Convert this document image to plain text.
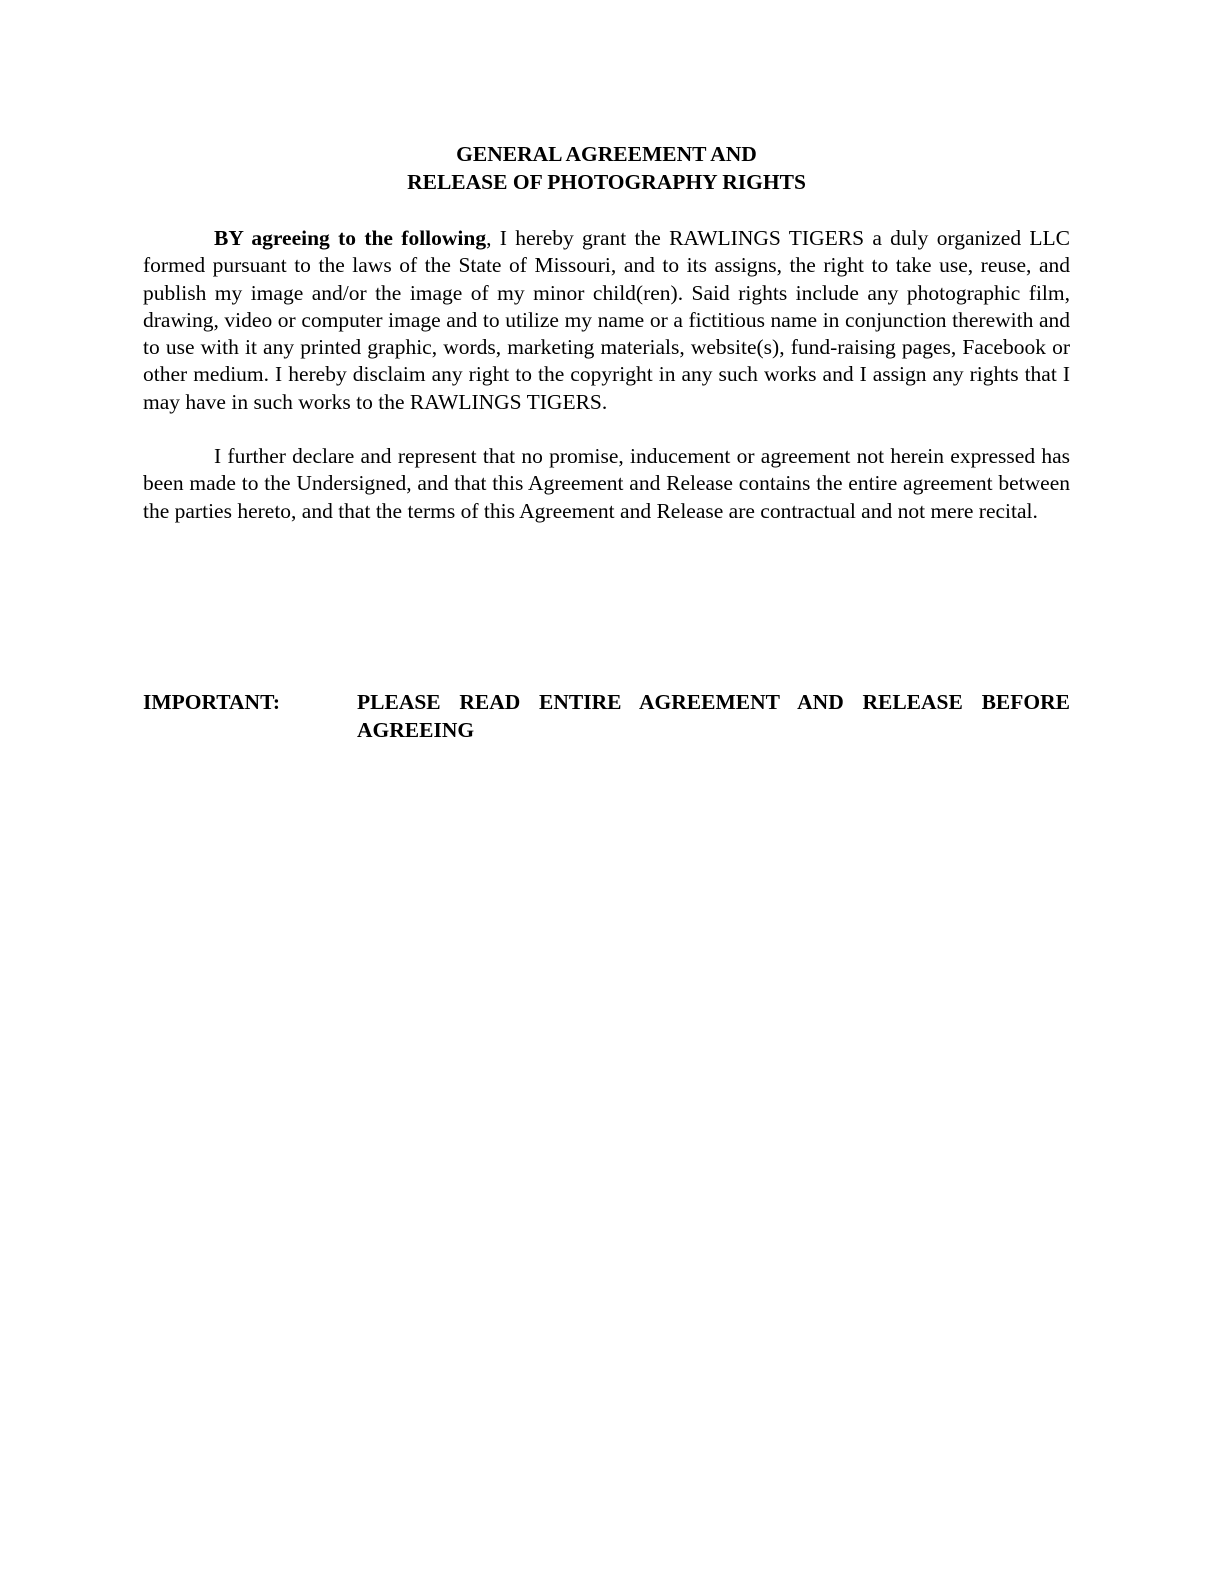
GENERAL AGREEMENT AND
RELEASE OF PHOTOGRAPHY RIGHTS

BY agreeing to the following, I hereby grant the RAWLINGS TIGERS a duly organized LLC formed pursuant to the laws of the State of Missouri, and to its assigns, the right to take use, reuse, and publish my image and/or the image of my minor child(ren). Said rights include any photographic film, drawing, video or computer image and to utilize my name or a fictitious name in conjunction therewith and to use with it any printed graphic, words, marketing materials, website(s), fund-raising pages, Facebook or other medium. I hereby disclaim any right to the copyright in any such works and I assign any rights that I may have in such works to the RAWLINGS TIGERS.

I further declare and represent that no promise, inducement or agreement not herein expressed has been made to the Undersigned, and that this Agreement and Release contains the entire agreement between the parties hereto, and that the terms of this Agreement and Release are contractual and not mere recital.

IMPORTANT:	PLEASE READ ENTIRE AGREEMENT AND RELEASE BEFORE AGREEING
